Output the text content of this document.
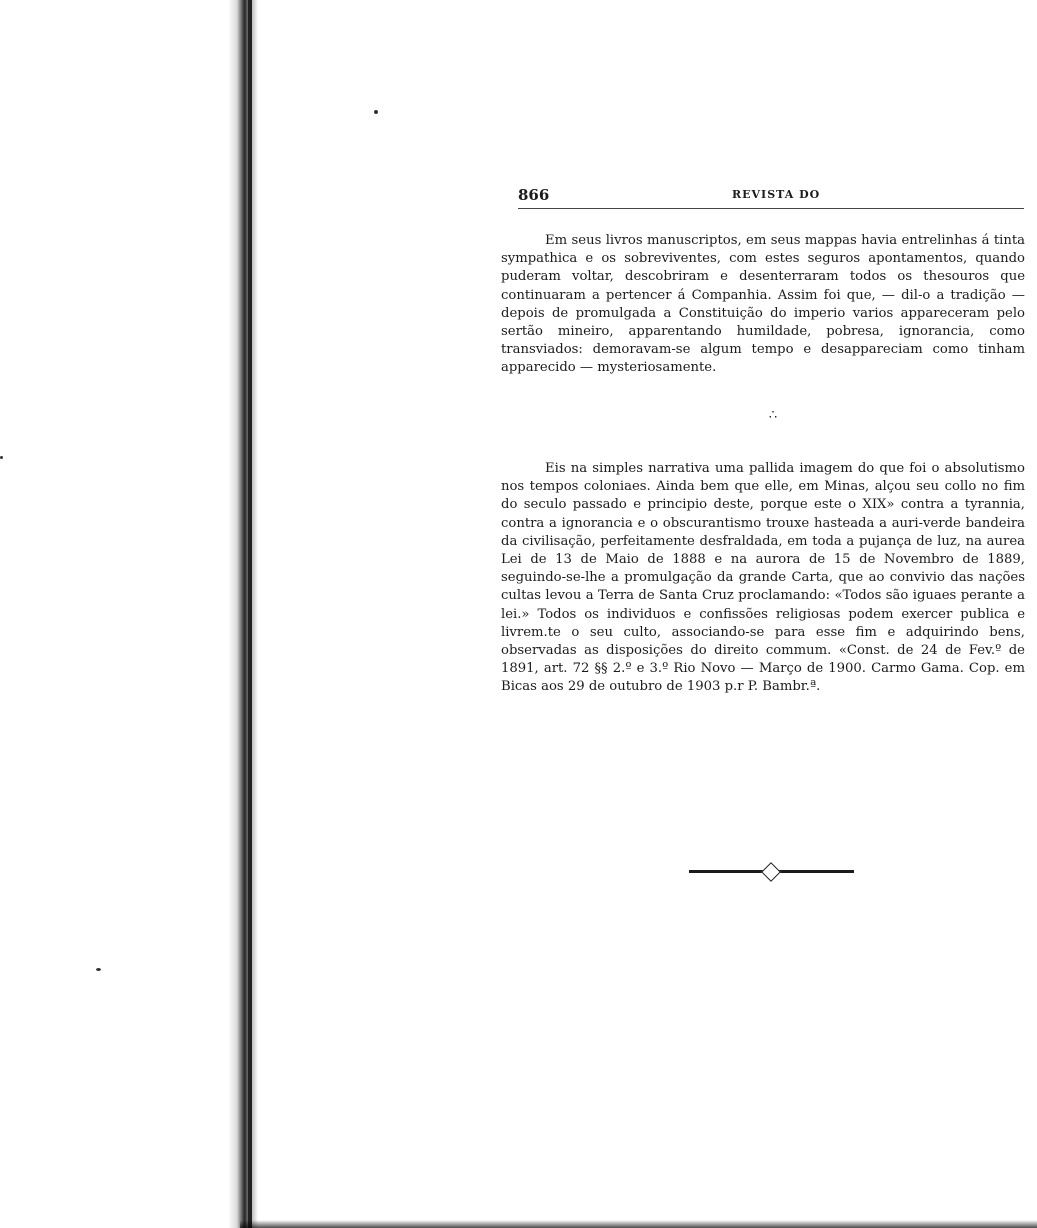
866	REVISTA DO

Em seus livros manuscriptos, em seus mappas havia entrelinhas á tinta sympathica e os sobreviventes, com estes seguros apontamentos, quando puderam voltar, descobriram e desenterraram todos os thesouros que continuaram a pertencer á Companhia. Assim foi que, — dil-o a tradição — depois de promulgada a Constituição do imperio varios appareceram pelo sertão mineiro, apparentando humildade, pobresa, ignorancia, como transviados: demoravam-se algum tempo e desappareciam como tinham apparecido — mysteriosamente.

∴

Eis na simples narrativa uma pallida imagem do que foi o absolutismo nos tempos coloniaes. Ainda bem que elle, em Minas, alçou seu collo no fim do seculo passado e principio deste, porque este o XIX» contra a tyrannia, contra a ignorancia e o obscurantismo trouxe hasteada a auri-verde bandeira da civilisação, perfeitamente desfraldada, em toda a pujança de luz, na aurea Lei de 13 de Maio de 1888 e na aurora de 15 de Novembro de 1889, seguindo-se-lhe a promulgação da grande Carta, que ao convivio das nações cultas levou a Terra de Santa Cruz proclamando: «Todos são iguaes perante a lei.» Todos os individuos e confissões religiosas podem exercer publica e livrem.te o seu culto, associando-se para esse fim e adquirindo bens, observadas as disposições do direito commum. «Const. de 24 de Fev.º de 1891, art. 72 §§ 2.º e 3.º Rio Novo — Março de 1900. Carmo Gama. Cop. em Bicas aos 29 de outubro de 1903 p.r P. Bambr.ª.
